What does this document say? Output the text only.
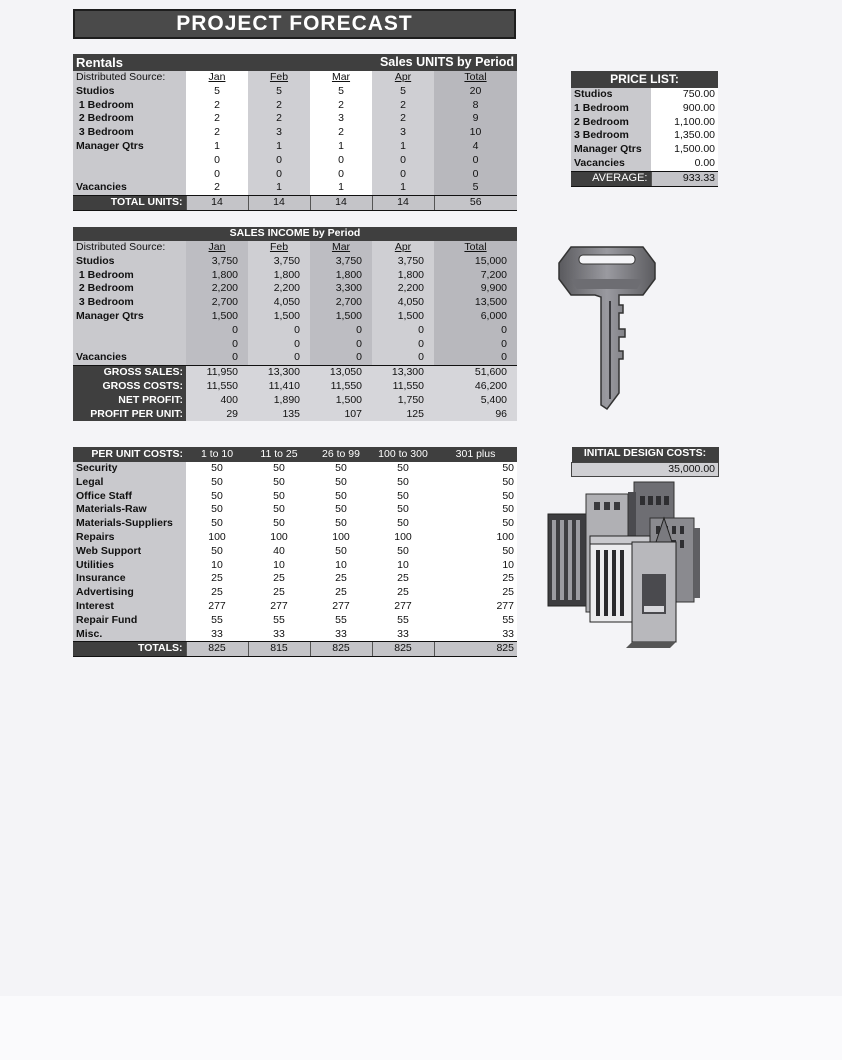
PROJECT FORECAST
Rentals		Sales UNITS by Period			
Distributed Source:	Jan	Feb	Mar	Apr	Total
Studios	5	5	5	5	20
1 Bedroom	2	2	2	2	8
2 Bedroom	2	2	3	2	9
3 Bedroom	2	3	2	3	10
Manager Qtrs	1	1	1	1	4
	0	0	0	0	0
	0	0	0	0	0
Vacancies	2	1	1	1	5
TOTAL UNITS:	14	14	14	14	56
PRICE LIST:	
Studios	750.00
1 Bedroom	900.00
2 Bedroom	1,100.00
3 Bedroom	1,350.00
Manager Qtrs	1,500.00

Vacancies	0.00
AVERAGE:	933.33
SALES INCOME by Period					
Distributed Source:	Jan	Feb	Mar	Apr	Total
Studios	3,750	3,750	3,750	3,750	15,000
1 Bedroom	1,800	1,800	1,800	1,800	7,200
2 Bedroom	2,200	2,200	3,300	2,200	9,900
3 Bedroom	2,700	4,050	2,700	4,050	13,500
Manager Qtrs	1,500	1,500	1,500	1,500	6,000
	0	0	0	0	0
	0	0	0	0	0
Vacancies	0	0	0	0	0
GROSS SALES:	11,950	13,300	13,050	13,300	51,600
GROSS COSTS:	11,550	11,410	11,550	11,550	46,200
NET PROFIT:	400	1,890	1,500	1,750	5,400
PROFIT PER UNIT:	29	135	107	125	96
PER UNIT COSTS:	1 to 10	11 to 25	26 to 99	100 to 300	301 plus
Security	50	50	50	50	50
Legal	50	50	50	50	50
Office Staff	50	50	50	50	50
Materials-Raw	50	50	50	50	50
Materials-Suppliers	50	50	50	50	50
Repairs	100	100	100	100	100
Web Support	50	40	50	50	50
Utilities	10	10	10	10	10
Insurance	25	25	25	25	25
Advertising	25	25	25	25	25
Interest	277	277	277	277	277
Repair Fund	55	55	55	55	55
Misc.	33	33	33	33	33
TOTALS:	825	815	825	825	825
INITIAL DESIGN COSTS:
35,000.00
